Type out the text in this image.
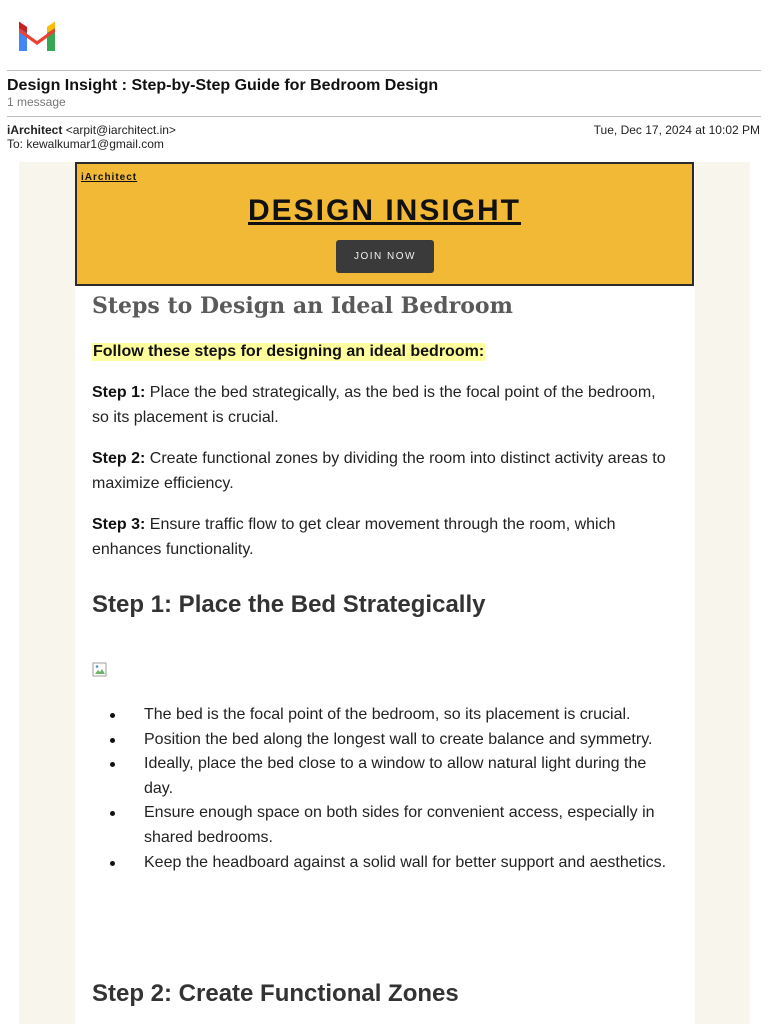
Design Insight : Step-by-Step Guide for Bedroom Design
1 message
iArchitect <arpit@iarchitect.in>
To: kewalkumar1@gmail.com
Tue, Dec 17, 2024 at 10:02 PM
iArchitect
DESIGN INSIGHT
JOIN NOW
Steps to Design an Ideal Bedroom
Follow these steps for designing an ideal bedroom:
Step 1: Place the bed strategically, as the bed is the focal point of the bedroom, so its placement is crucial.
Step 2: Create functional zones by dividing the room into distinct activity areas to maximize efficiency.
Step 3: Ensure traffic flow to get clear movement through the room, which enhances functionality.
Step 1: Place the Bed Strategically
The bed is the focal point of the bedroom, so its placement is crucial.
Position the bed along the longest wall to create balance and symmetry.
Ideally, place the bed close to a window to allow natural light during the day.
Ensure enough space on both sides for convenient access, especially in shared bedrooms.
Keep the headboard against a solid wall for better support and aesthetics.
Step 2: Create Functional Zones
